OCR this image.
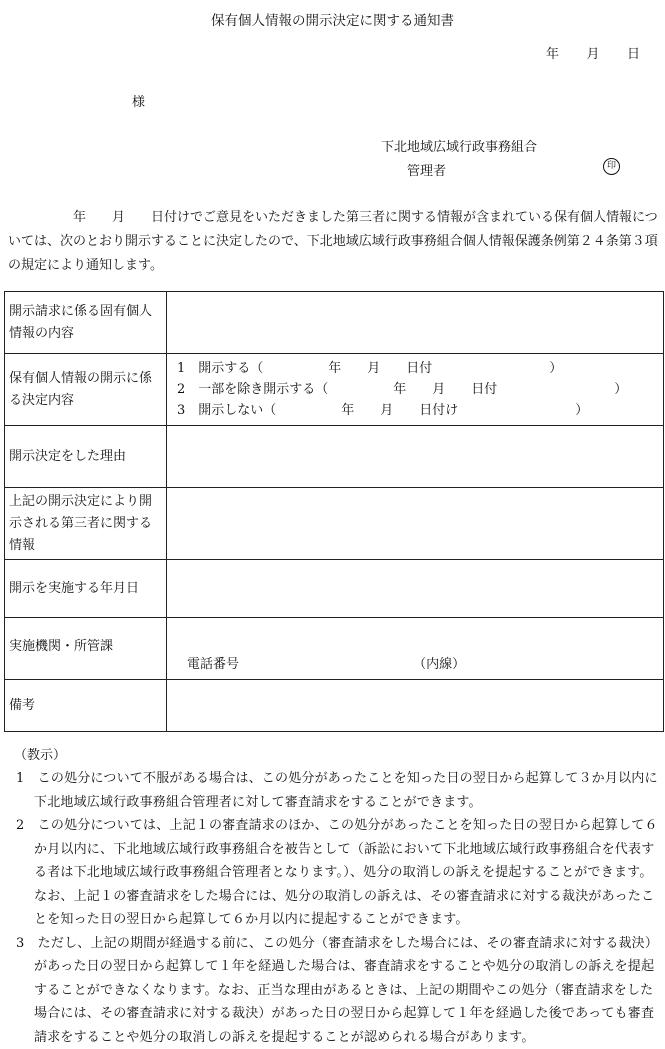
保有個人情報の開示決定に関する通知書
年　　月　　日
様
下北地域広域行政事務組合
管理者	印
　　　　　年　　月　　日付けでご意見をいただきました第三者に関する情報が含まれている保有個人情報については、次のとおり開示することに決定したので、下北地域広域行政事務組合個人情報保護条例第２４条第３項の規定により通知します。
開示請求に係る固有個人情報の内容	
保有個人情報の開示に係る決定内容	1　開示する（　　　　　年　　月　　日付　　　　　　　　　）
2　一部を除き開示する（　　　　　年　　月　　日付　　　　　　　　　）
3　開示しない（　　　　　年　　月　　日付け　　　　　　　　　）

開示決定をした理由	
上記の開示決定により開示される第三者に関する情報	
開示を実施する年月日	
実施機関・所管課	電話番号 （内線）
備考	
（教示）
1　この処分について不服がある場合は、この処分があったことを知った日の翌日から起算して３か月以内に下北地域広域行政事務組合管理者に対して審査請求をすることができます。
2　この処分については、上記１の審査請求のほか、この処分があったことを知った日の翌日から起算して６か月以内に、下北地域広域行政事務組合を被告として（訴訟において下北地域広域行政事務組合を代表する者は下北地域広域行政事務組合管理者となります。）、処分の取消しの訴えを提起することができます。なお、上記１の審査請求をした場合には、処分の取消しの訴えは、その審査請求に対する裁決があったことを知った日の翌日から起算して６か月以内に提起することができます。
3　ただし、上記の期間が経過する前に、この処分（審査請求をした場合には、その審査請求に対する裁決）があった日の翌日から起算して１年を経過した場合は、審査請求をすることや処分の取消しの訴えを提起することができなくなります。なお、正当な理由があるときは、上記の期間やこの処分（審査請求をした場合には、その審査請求に対する裁決）があった日の翌日から起算して１年を経過した後であっても審査請求をすることや処分の取消しの訴えを提起することが認められる場合があります。
